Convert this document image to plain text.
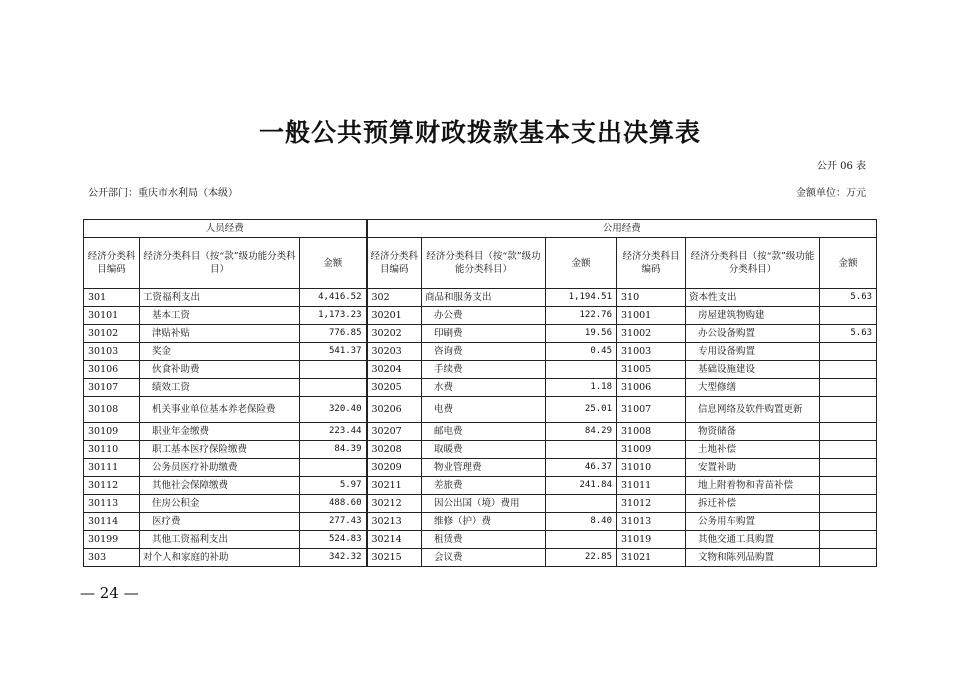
一般公共预算财政拨款基本支出决算表
公开 06 表
公开部门：重庆市水利局（本级）	金额单位：万元
人员经费			公用经费					
经济分类科目编码	经济分类科目（按“款”级功能分类科目）	金额	经济分类科目编码	经济分类科目（按“款”级功能分类科目）	金额	经济分类科目编码	经济分类科目（按“款”级功能分类科目）	金额
301	工资福利支出	4,416.52	302	商品和服务支出	1,194.51	310	资本性支出	5.63
30101	基本工资	1,173.23	30201	办公费	122.76	31001	房屋建筑物购建	
30102	津贴补贴	776.85	30202	印刷费	19.56	31002	办公设备购置	5.63
30103	奖金	541.37	30203	咨询费	0.45	31003	专用设备购置	
30106	伙食补助费		30204	手续费		31005	基础设施建设	
30107	绩效工资		30205	水费	1.18	31006	大型修缮	
30108	机关事业单位基本养老保险费	320.40	30206	电费	25.01	31007	信息网络及软件购置更新	
30109	职业年金缴费	223.44	30207	邮电费	84.29	31008	物资储备	
30110	职工基本医疗保险缴费	84.39	30208	取暖费		31009	土地补偿	
30111	公务员医疗补助缴费		30209	物业管理费	46.37	31010	安置补助	
30112	其他社会保障缴费	5.97	30211	差旅费	241.84	31011	地上附着物和青苗补偿	
30113	住房公积金	488.60	30212	因公出国（境）费用		31012	拆迁补偿	
30114	医疗费	277.43	30213	维修（护）费	8.40	31013	公务用车购置	
30199	其他工资福利支出	524.83	30214	租赁费		31019	其他交通工具购置	
303	对个人和家庭的补助	342.32	30215	会议费	22.85	31021	文物和陈列品购置	
— 24 —
